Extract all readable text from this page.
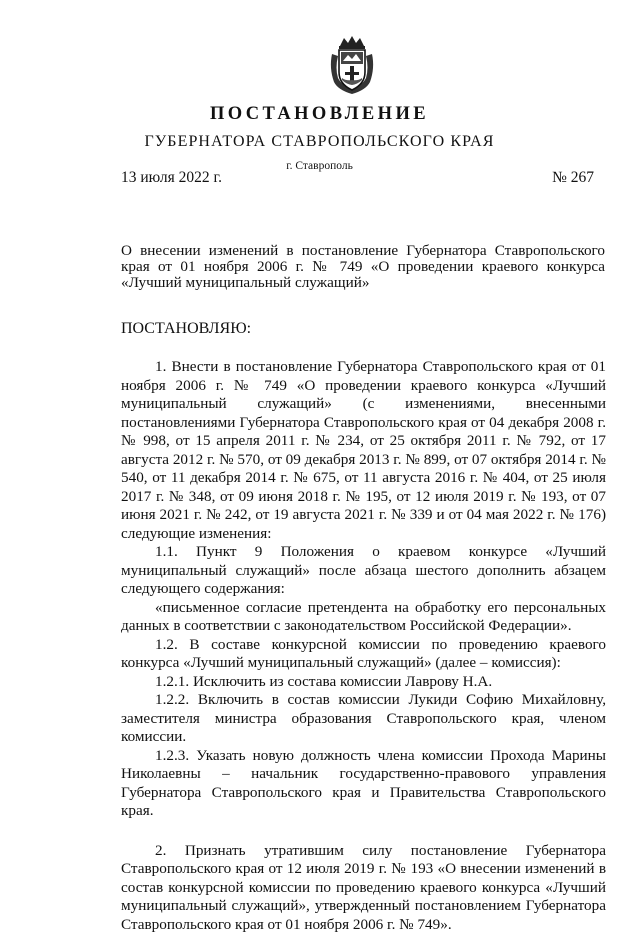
ПОСТАНОВЛЕНИЕ
ГУБЕРНАТОРА СТАВРОПОЛЬСКОГО КРАЯ
г. Ставрополь
13 июля 2022 г.	№ 267

О внесении изменений в постановление Губернатора Ставропольского края от 01 ноября 2006 г. № 749 «О проведении краевого конкурса «Лучший муниципальный служащий»

ПОСТАНОВЛЯЮ:

1. Внести в постановление Губернатора Ставропольского края от 01 ноября 2006 г. № 749 «О проведении краевого конкурса «Лучший муниципальный служащий» (с изменениями, внесенными постановлениями Губернатора Ставропольского края от 04 декабря 2008 г. № 998, от 15 апреля 2011 г. № 234, от 25 октября 2011 г. № 792, от 17 августа 2012 г. № 570, от 09 декабря 2013 г. № 899, от 07 октября 2014 г. № 540, от 11 декабря 2014 г. № 675, от 11 августа 2016 г. № 404, от 25 июля 2017 г. № 348, от 09 июня 2018 г. № 195, от 12 июля 2019 г. № 193, от 07 июня 2021 г. № 242, от 19 августа 2021 г. № 339 и от 04 мая 2022 г. № 176) следующие изменения:

1.1. Пункт 9 Положения о краевом конкурсе «Лучший муниципальный служащий» после абзаца шестого дополнить абзацем следующего содержания:

«письменное согласие претендента на обработку его персональных данных в соответствии с законодательством Российской Федерации».

1.2. В составе конкурсной комиссии по проведению краевого конкурса «Лучший муниципальный служащий» (далее – комиссия):

1.2.1. Исключить из состава комиссии Лаврову Н.А.

1.2.2. Включить в состав комиссии Лукиди Софию Михайловну, заместителя министра образования Ставропольского края, членом комиссии.

1.2.3. Указать новую должность члена комиссии Прохода Марины Николаевны – начальник государственно-правового управления Губернатора Ставропольского края и Правительства Ставропольского края.

2. Признать утратившим силу постановление Губернатора Ставропольского края от 12 июля 2019 г. № 193 «О внесении изменений в состав конкурсной комиссии по проведению краевого конкурса «Лучший муниципальный служащий», утвержденный постановлением Губернатора Ставропольского края от 01 ноября 2006 г. № 749».
